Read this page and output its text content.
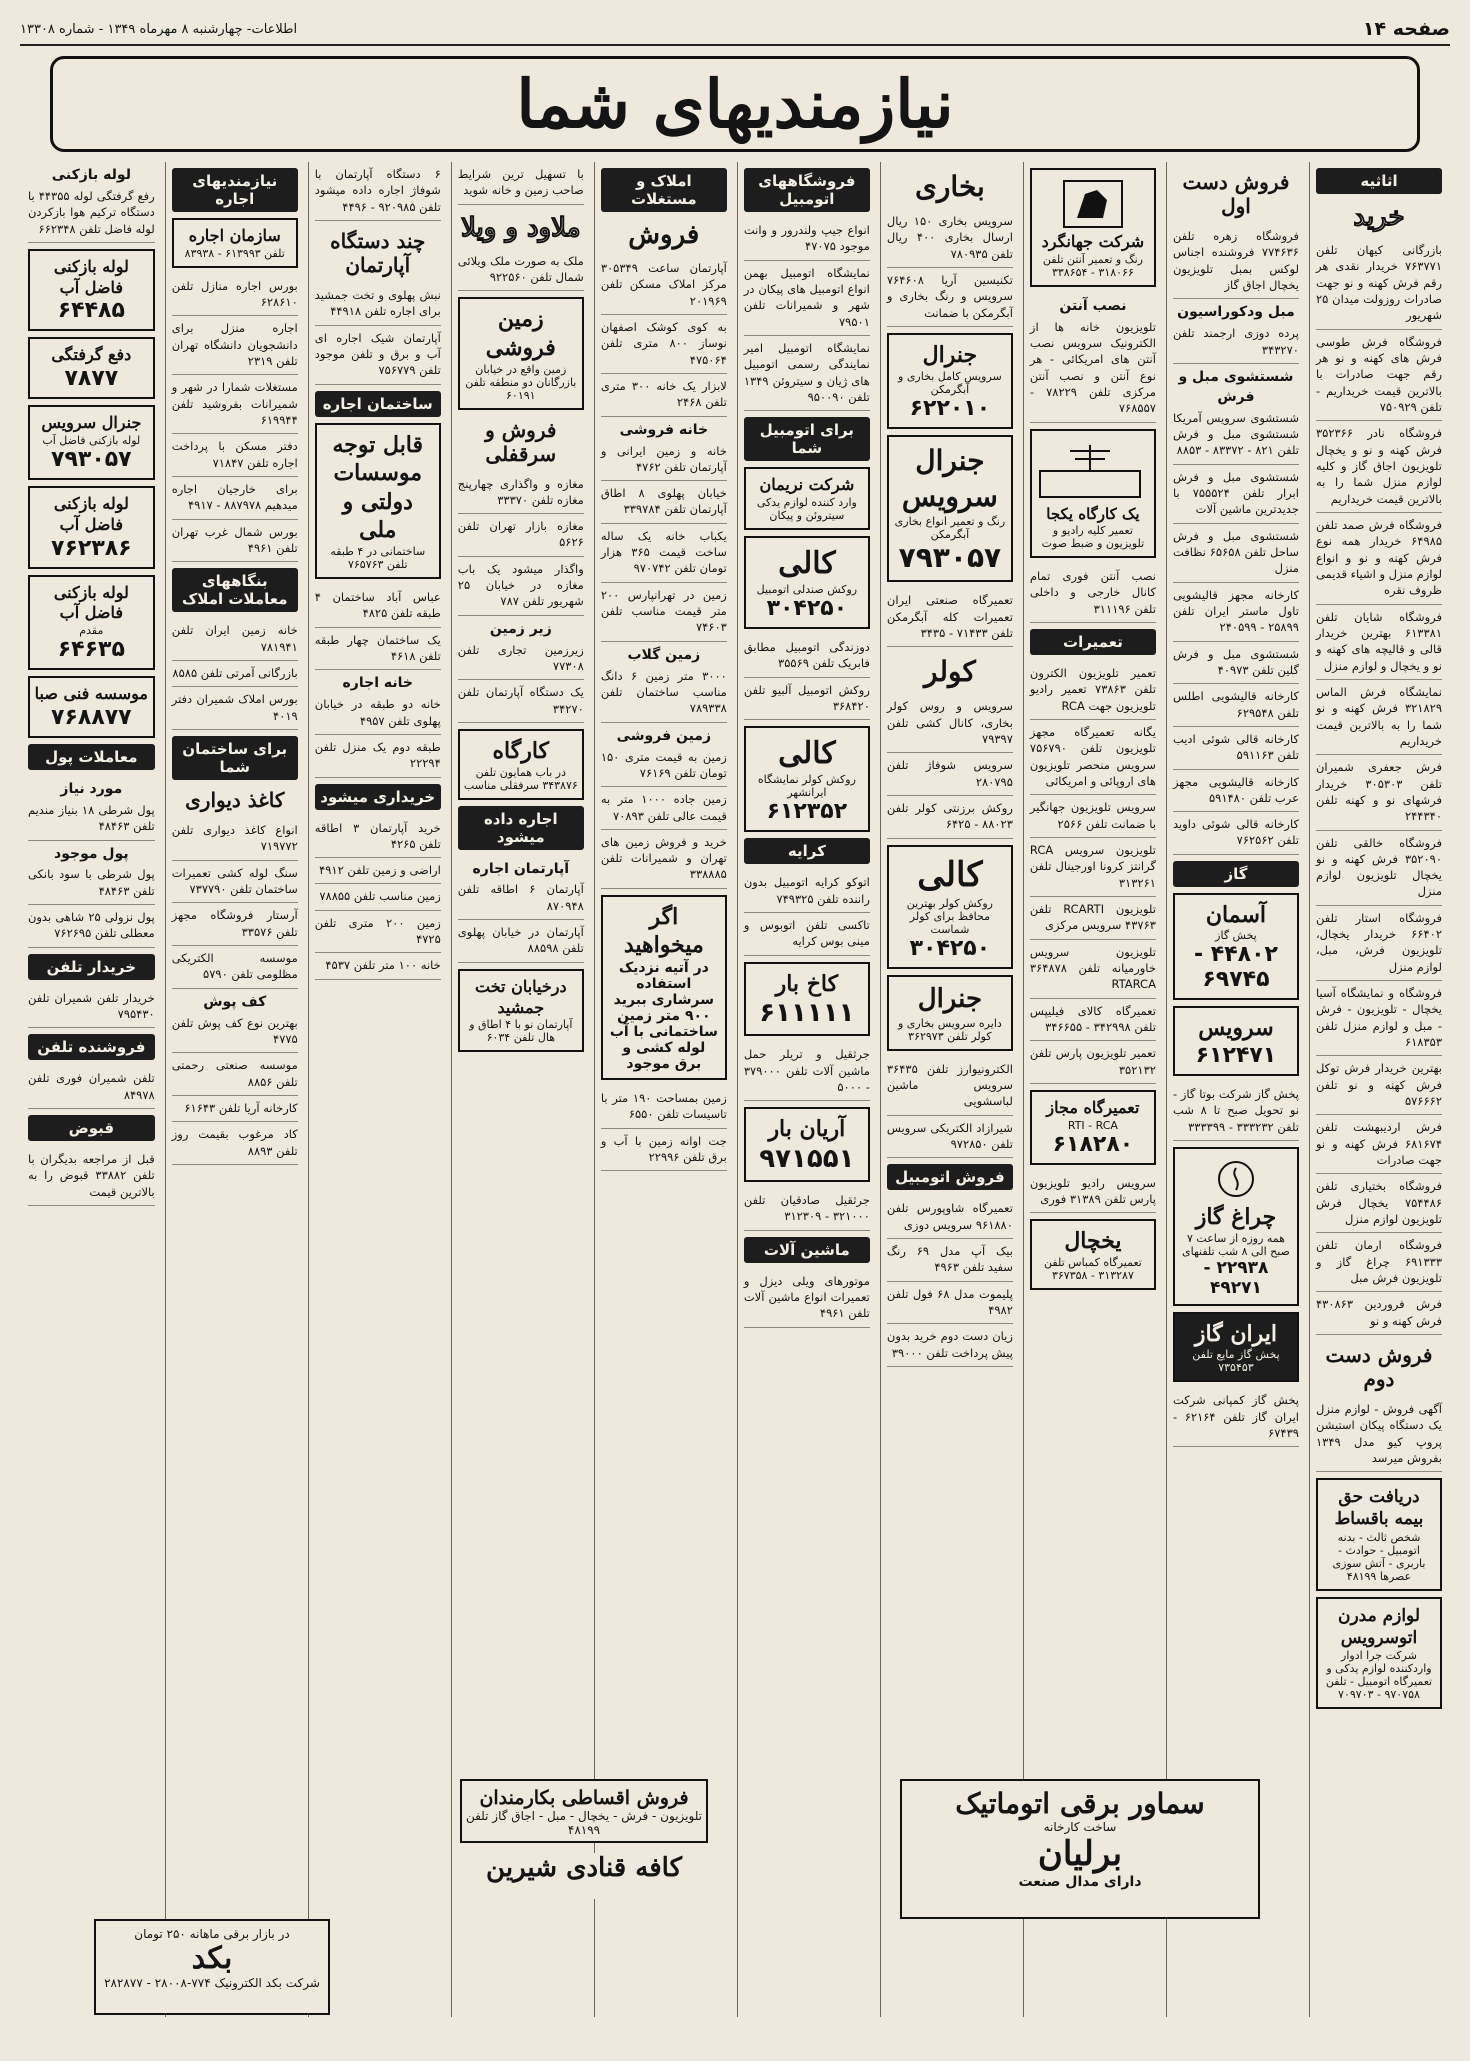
صفحه ۱۴
اطلاعات- چهارشنبه ۸ مهرماه ۱۳۴۹ - شماره ۱۳۳۰۸
نیازمندیهای شما
اثاثیه
خرید
بازرگانی کیهان تلفن ۷۶۳۷۷۱ خریدار نقدی هر رقم فرش کهنه و نو جهت صادرات روزولت میدان ۲۵ شهریور
فروشگاه فرش طوسی فرش های کهنه و نو هر رقم جهت صادرات با بالاترین قیمت خریداریم - تلفن ۷۵۰۹۲۹
فروشگاه نادر ۳۵۲۳۶۶ فرش کهنه و نو و یخچال تلویزیون اجاق گاز و کلیه لوازم منزل شما را به بالاترین قیمت خریداریم
فروشگاه فرش صمد تلفن ۶۴۹۸۵ خریدار همه نوع فرش کهنه و نو و انواع لوازم منزل و اشیاء قدیمی ظروف نقره
فروشگاه شایان تلفن ۶۱۳۳۸۱ بهترین خریدار قالی و قالیچه های کهنه و نو و یخچال و لوازم منزل
نمایشگاه فرش الماس ۳۲۱۸۲۹ فرش کهنه و نو شما را به بالاترین قیمت خریداریم
فرش جعفری شمیران تلفن ۳۰۵۳۰۳ خریدار فرشهای نو و کهنه تلفن ۲۴۴۳۴۰
فروشگاه خالقی تلفن ۳۵۲۰۹۰ فرش کهنه و نو یخچال تلویزیون لوازم منزل
فروشگاه استار تلفن ۶۶۴۰۲ خریدار یخچال، تلویزیون فرش، مبل، لوازم منزل
فروشگاه و نمایشگاه آسیا یخچال - تلویزیون - فرش - مبل و لوازم منزل تلفن ۶۱۸۳۵۳
بهترین خریدار فرش توکل فرش کهنه و نو تلفن ۵۷۶۶۶۲
فرش اردیبهشت تلفن ۶۸۱۶۷۴ فرش کهنه و نو جهت صادرات
فروشگاه بختیاری تلفن ۷۵۴۴۸۶ یخچال فرش تلویزیون لوازم منزل
فروشگاه ارمان تلفن ۶۹۱۳۳۳ چراغ گاز و تلویزیون فرش مبل
فرش فروردین ۴۳۰۸۶۳ فرش کهنه و نو
فروش دست دوم
آگهی فروش - لوازم منزل یک دستگاه پیکان استیشن پروپ کیو مدل ۱۳۴۹ بفروش میرسد
دریافت حق بیمه باقساط
شخص ثالث - بدنه اتومبیل - حوادث - باربری - آتش سوزی عصرها ۴۸۱۹۹
لوازم مدرن اتوسرویس
شرکت جرا ادوار واردکننده لوازم یدکی و تعمیرگاه اتومبیل - تلفن ۹۷۰۷۵۸ - ۷۰۹۷۰۳
فروش دست اول
فروشگاه زهره تلفن ۷۷۴۶۳۶ فروشنده اجناس لوکس بمبل تلویزیون یخچال اجاق گاز
مبل ودکوراسیون
پرده دوزی ارجمند تلفن ۳۴۳۲۷۰
شستشوی مبل و فرش
شستشوی سرویس آمریکا شستشوی مبل و فرش تلفن ۸۲۱ - ۸۳۳۷۲ - ۸۸۵۳
شستشوی مبل و فرش ابرار تلفن ۷۵۵۵۲۴ با جدیدترین ماشین آلات
شستشوی مبل و فرش ساحل تلفن ۶۵۶۵۸ نظافت منزل
کارخانه مجهز قالیشویی تاول ماستر ایران تلفن ۲۵۸۹۹ - ۲۴۰۵۹۹
شستشوی مبل و فرش گلین تلفن ۴۰۹۷۳
کارخانه قالیشویی اطلس تلفن ۶۲۹۵۴۸
کارخانه قالی شوئی ادیب تلفن ۵۹۱۱۶۳
کارخانه قالیشویی مجهز عرب تلفن ۵۹۱۴۸۰
کارخانه قالی شوئی داوید تلفن ۷۶۲۵۶۲
گاز
آسمان
پخش گاز
۴۴۸۰۲ - ۶۹۷۴۵
سرویس
۶۱۲۴۷۱
پخش گاز شرکت بوتا گاز - نو تحویل صبح تا ۸ شب تلفن ۳۳۳۲۳۲ - ۳۳۳۳۹۹
چراغ گاز
همه روزه از ساعت ۷ صبح الی ۸ شب تلفنهای
۲۲۹۳۸ - ۴۹۲۷۱
ایران گاز
پخش گاز مایع تلفن ۷۳۵۴۵۳
پخش گاز کمپانی شرکت ایران گاز تلفن ۶۲۱۶۴ - ۶۷۴۳۹
شرکت جهانگرد
رنگ و تعمیر آنتن تلفن ۳۱۸۰۶۶ - ۳۳۸۶۵۴
نصب آنتن
تلویزیون خانه ها از الکترونیک سرویس نصب آنتن های امریکائی - هر نوع آنتن و نصب آنتن مرکزی تلفن ۷۸۲۲۹ - ۷۶۸۵۵۷
یک کارگاه یکجا
تعمیر کلیه رادیو و تلویزیون و ضبط صوت
نصب آنتن فوری تمام کانال خارجی و داخلی تلفن ۳۱۱۱۹۶
تعمیرات
تعمیر تلویزیون الکترون تلفن ۷۳۸۶۳ تعمیر رادیو تلویزیون جهت RCA
یگانه تعمیرگاه مجهز تلویزیون تلفن ۷۵۶۷۹۰ سرویس منحصر تلویزیون های اروپائی و امریکائی
سرویس تلویزیون جهانگیر با ضمانت تلفن ۲۵۶۶
تلویزیون سرویس RCA گرانتز کرونا اورجینال تلفن ۳۱۳۲۶۱
تلویزیون RCARTI تلفن ۴۳۷۶۳ سرویس مرکزی
تلویزیون سرویس خاورمیانه تلفن ۳۶۴۸۷۸ RTARCA
تعمیرگاه کالای فیلیپس تلفن ۳۴۲۹۹۸ - ۳۴۶۶۵۵
تعمیر تلویزیون پارس تلفن ۳۵۲۱۳۲
تعمیرگاه مجاز
RTI - RCA
۶۱۸۲۸۰
سرویس رادیو تلویزیون پارس تلفن ۳۱۳۸۹ فوری
یخچال
تعمیرگاه کمباس تلفن ۳۱۳۲۸۷ - ۳۶۷۳۵۸
بخاری
سرویس بخاری ۱۵۰ ریال ارسال بخاری ۴۰۰ ریال تلفن ۷۸۰۹۳۵
تکنیسین آریا ۷۶۴۶۰۸ سرویس و رنگ بخاری و آبگرمکن با ضمانت
جنرال
سرویس کامل بخاری و آبگرمکن
۶۲۲۰۱۰
جنرال سرویس
رنگ و تعمیر انواع بخاری آبگرمکن
۷۹۳۰۵۷
تعمیرگاه صنعتی ایران تعمیرات کله آبگرمکن تلفن ۷۱۴۳۳ - ۳۴۳۵
کولر
سرویس و روس کولر بخاری، کانال کشی تلفن ۷۹۳۹۷
سرویس شوفاژ تلفن ۲۸۰۷۹۵
روکش برزنتی کولر تلفن ۸۸۰۲۳ - ۶۴۲۵
کالی
روکش کولر بهترین محافظ برای کولر شماست
۳۰۴۲۵۰
جنرال
دایره سرویس بخاری و کولر تلفن ۳۶۲۹۷۳
الکترونیوارز تلفن ۳۶۴۳۵ سرویس ماشین لباسشویی
شیرازاد الکتریکی سرویس تلفن ۹۷۲۸۵۰
فروش اتومبیل
تعمیرگاه شاوپورس تلفن ۹۶۱۸۸۰ سرویس دوزی
بیک آپ مدل ۶۹ رنگ سفید تلفن ۴۹۶۳
پلیموت مدل ۶۸ فول تلفن ۴۹۸۲
زیان دست دوم خرید بدون پیش پرداخت تلفن ۳۹۰۰۰
فروشگاههای اتومبیل
انواع جیپ ولندرور و وانت موجود ۴۷۰۷۵
نمایشگاه اتومبیل بهمن انواع اتومبیل های پیکان در شهر و شمیرانات تلفن ۷۹۵۰۱
نمایشگاه اتومبیل امیر نمایندگی رسمی اتومبیل های ژیان و سیتروئن ۱۳۴۹ تلفن ۹۵۰۰۹۰
برای اتومبیل شما
شرکت نریمان
وارد کننده لوازم یدکی سیتروئن و پیکان
کالی
روکش صندلی اتومبیل
۳۰۴۲۵۰
دوزندگی اتومبیل مطابق فابریک تلفن ۳۵۵۶۹
روکش اتومبیل آلبیو تلفن ۳۶۸۴۲۰
کالی
روکش کولر نمایشگاه ایرانشهر
۶۱۲۳۵۲
کرایه
اتوکو کرایه اتومبیل بدون راننده تلفن ۷۴۹۳۲۵
تاکسی تلفن اتوبوس و مینی بوس کرایه
کاخ بار
۶۱۱۱۱۱
جرثقیل و تریلر حمل ماشین آلات تلفن ۳۷۹۰۰۰ - ۵۰۰۰
آریان بار
۹۷۱۵۵۱
جرثقیل صادقیان تلفن ۳۲۱۰۰۰ - ۳۱۲۳۰۹
ماشین آلات
موتورهای ویلی دیزل و تعمیرات انواع ماشین آلات تلفن ۴۹۶۱
املاک و مستغلات
فروش
آپارتمان ساعت ۳۰۵۳۴۹ مرکز املاک مسکن تلفن ۲۰۱۹۶۹
به کوی کوشک اصفهان نوساز ۸۰۰ متری تلفن ۴۷۵۰۶۴
لابزار یک خانه ۳۰۰ متری تلفن ۲۴۶۸
خانه فروشی
خانه و زمین ایرانی و آپارتمان تلفن ۴۷۶۲
خیابان پهلوی ۸ اطاق آپارتمان تلفن ۳۳۹۷۸۴
یکباب خانه یک ساله ساخت قیمت ۳۶۵ هزار تومان تلفن ۹۷۰۷۴۲
زمین در تهرانپارس ۲۰۰ متر قیمت مناسب تلفن ۷۴۶۰۳
زمین گلاب
۳۰۰۰ متر زمین ۶ دانگ مناسب ساختمان تلفن ۷۸۹۳۳۸
زمین فروشی
زمین به قیمت متری ۱۵۰ تومان تلفن ۷۶۱۶۹
زمین جاده ۱۰۰۰ متر به قیمت عالی تلفن ۷۰۸۹۳
خرید و فروش زمین های تهران و شمیرانات تلفن ۳۳۸۸۸۵
اگر میخواهید
در آتیه نزدیک استفاده سرشاری ببرید ۹۰۰ متر زمین ساختمانی با آب لوله کشی و برق موجود
زمین بمساحت ۱۹۰ متر با تاسیسات تلفن ۶۵۵۰
جت اوانه زمین با آب و برق تلفن ۲۲۹۹۶
با تسهیل ترین شرایط صاحب زمین و خانه شوید
ملاود و ویلا
ملک به صورت ملک ویلائی شمال تلفن ۹۲۲۵۶۰
زمین فروشی
زمین واقع در خیابان بازرگانان دو منطقه تلفن ۶۰۱۹۱
فروش و سرقفلی
مغازه و واگذاری چهارپنج مغازه تلفن ۳۳۳۷۰
مغازه بازار تهران تلفن ۵۶۲۶
واگذار میشود یک باب مغازه در خیابان ۲۵ شهریور تلفن ۷۸۷
زیر زمین
زیرزمین تجاری تلفن ۷۷۳۰۸
یک دستگاه آپارتمان تلفن ۳۴۲۷۰
کارگاه
در باب همایون تلفن ۳۴۳۸۷۶ سرفقلی مناسب
اجاره داده میشود
آپارتمان اجاره
آپارتمان ۶ اطاقه تلفن ۸۷۰۹۴۸
آپارتمان در خیابان پهلوی تلفن ۸۸۵۹۸
درخیابان تخت جمشید
آپارتمان نو با ۴ اطاق و هال تلفن ۶۰۳۴
۶ دستگاه آپارتمان با شوفاژ اجاره داده میشود تلفن ۹۲۰۹۸۵ - ۴۴۹۶
چند دستگاه آپارتمان
نبش پهلوی و تخت جمشید برای اجاره تلفن ۴۴۹۱۸
آپارتمان شیک اجاره ای آب و برق و تلفن موجود تلفن ۷۵۶۷۷۹
ساختمان اجاره
قابل توجه موسسات دولتی و ملی
ساختمانی در ۴ طبقه تلفن ۷۶۵۷۶۳
عباس آباد ساختمان ۴ طبقه تلفن ۴۸۲۵
یک ساختمان چهار طبقه تلفن ۴۶۱۸
خانه اجاره
خانه دو طبقه در خیابان پهلوی تلفن ۴۹۵۷
طبقه دوم یک منزل تلفن ۲۲۲۹۴
خریداری میشود
خرید آپارتمان ۳ اطاقه تلفن ۴۲۶۵
اراضی و زمین تلفن ۴۹۱۲
زمین مناسب تلفن ۷۸۸۵۵
زمین ۲۰۰ متری تلفن ۴۷۲۵
خانه ۱۰۰ متر تلفن ۴۵۳۷
نیازمندیهای اجاره
سازمان اجاره
تلفن ۶۱۳۹۹۳ - ۸۳۹۳۸
بورس اجاره منازل تلفن ۶۲۸۶۱۰
اجاره منزل برای دانشجویان دانشگاه تهران تلفن ۲۳۱۹
مستغلات شمارا در شهر و شمیرانات بفروشید تلفن ۶۱۹۹۴۴
دفتر مسکن با پرداخت اجاره تلفن ۷۱۸۴۷
برای خارجیان اجاره میدهیم ۸۸۷۹۷۸ - ۴۹۱۷
بورس شمال غرب تهران تلفن ۴۹۶۱
بنگاههای معاملات املاک
خانه زمین ایران تلفن ۷۸۱۹۴۱
بازرگانی آمرتی تلفن ۸۵۸۵
بورس املاک شمیران دفتر ۴۰۱۹
برای ساختمان شما
کاغذ دیواری
انواع کاغذ دیواری تلفن ۷۱۹۷۷۲
سنگ لوله کشی تعمیرات ساختمان تلفن ۷۳۷۷۹۰
آرستار فروشگاه مجهز تلفن ۳۳۵۷۶
موسسه الکتریکی مظلومی تلفن ۵۷۹۰
کف پوش
بهترین نوع کف پوش تلفن ۴۷۷۵
موسسه صنعتی رحمتی تلفن ۸۸۵۶
کارخانه آریا تلفن ۶۱۶۴۳
کاد مرغوب بقیمت روز تلفن ۸۸۹۳
لوله بازکنی
رفع گرفتگی لوله ۴۴۳۵۵ با دستگاه ترکیم هوا بازکردن لوله فاضل تلفن ۶۶۲۳۴۸
لوله بازکنی فاضل آب
۶۴۴۸۵
دفع گرفتگی
۷۸۷۷
جنرال سرویس
لوله بازکنی فاضل آب
۷۹۳۰۵۷
لوله بازکنی فاضل آب
۷۶۲۳۸۶
لوله بازکنی فاضل آب
مقدم
۶۴۶۳۵
موسسه فنی صبا
۷۶۸۸۷۷
معاملات پول
مورد نیاز
پول شرطی ۱۸ بنیاز مندیم تلفن ۴۸۴۶۳
پول موجود
پول شرطی با سود بانکی تلفن ۴۸۴۶۳
پول نزولی ۲۵ شاهی بدون معطلی تلفن ۷۶۲۶۹۵
خریدار تلفن
خریدار تلفن شمیران تلفن ۷۹۵۴۳۰
فروشنده تلفن
تلفن شمیران فوری تلفن ۸۴۹۷۸
قبوض
قبل از مراجعه بدیگران با تلفن ۳۳۸۸۲ قبوض را به بالاترین قیمت
فروش اقساطی بکارمندان
تلویزیون - فرش - یخچال - مبل - اجاق گاز تلفن ۴۸۱۹۹
کافه قنادی شیرین
سماور برقی اتوماتیک
ساخت کارخانه
برلیان
دارای مدال صنعت
در بازار برقی ماهانه ۲۵۰ تومان
بکد
شرکت بکد الکترونیک ۷۷۴-۲۸۰۰۸ - ۲۸۲۸۷۷
